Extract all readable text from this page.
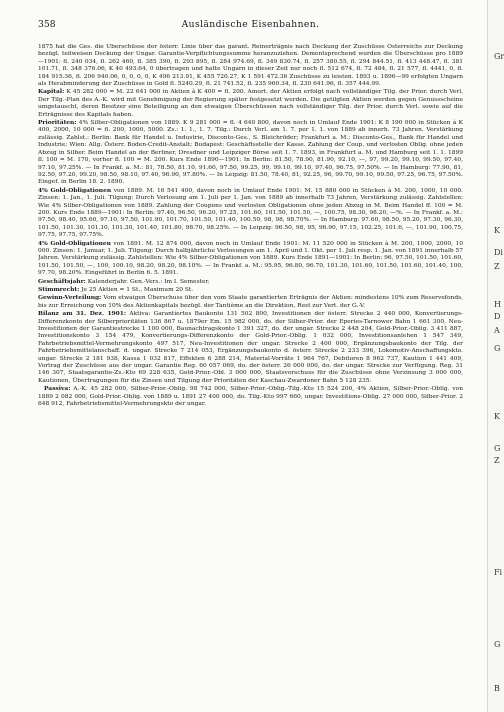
358	Ausländische Eisenbahnen.

1875 hat die Ges. die Überschüsse der österr. Linie über das garant. Reinerträgnis nach Deckung der Zuschüsse Österreichs zur Deckung bezügl. teilweisen Deckung der Ungar. Garantie-Verpflichtungssumme heranzuziehen. Dementsprechend wurden die Überschüsse pro 1889—1901: fl. 240 034, fl. 262 460, fl. 385 390, fl. 293 895, fl. 284 974.69, fl. 349 830.74, fl. 257 380.55, fl. 294 844.51, fl. 413 448.47, fl. 381 101.71, fl. 348 376.06, K 40 493.64, 0 übertragen und hatte Ungarn in dieser Zeit nur noch fl. 512 674, fl. 72 484, fl. 21 577, fl. 4441, 0, fl. 184 915.36, fl. 206 940.06, 0, 0, 0, 0, K 496 213.91, K 455 720.27, K 1 591 472.36 Zuschüsse zu leisten. 1893 u. 1896—99 erfolgten Ungarn als Herabminderung der Zuschüsse in Gold fl. 5240.29, fl. 21 741.52, fl. 235 960.34, fl. 230 641.96, fl. 357 444.99.

Kapital: K 45 282 000 = M. 22 641 000 in Aktien à K 400 = fl. 200. Amort. der Aktien erfolgt nach vollständiger Tilg. der Prior. durch Verl. Der Tilg.-Plan des A.-K. wird mit Genehmigung der Regierung später festgesetzt werden. Die getilgten Aktien werden gegen Genussscheine umgetauscht, deren Besitzer eine Beteiligung an den etwaigen Überschüssen nach vollständiger Tilg. der Prior. durch Verl. sowie auf die Erträgnisse des Kapitals haben.

Prioritäten: 4% Silber-Obligationen von 1889. K 9 281 000 = fl. 4 640 800, davon noch in Umlauf Ende 1901: K 8 190 000 in Stücken à K 400, 2000, 10 000 = fl. 200, 1000, 5000. Zs.: 1. 1., 1. 7. Tilg.: Durch Verl. am 1. 7. per 1. 1. von 1889 ab innerh. 73 Jahren. Verstärkung zulässig. Zahlst.: Berlin: Bank für Handel u. Industrie, Disconto-Ges., S. Bleichröder; Frankfurt a. M.: Disconto-Ges., Bank für Handel und Industrie; Wien: Allg. Österr. Boden-Credit-Anstalt; Budapest: Geschäftsstelle der Kasse. Zahlung der Coup. und verlosten Oblig. ohne jeden Abzug in Silber. Beim Handel an der Berliner, Dresdner und Leipziger Börse seit 1. 7. 1893, in Frankfurt a. M. und Hamburg seit 1. 1. 1899 fl. 100 = M. 170, vorher fl. 100 = M. 200. Kurs Ende 1890—1901: In Berlin: 81.50, 78.90, 81.90, 92.10, —, 97, 99.20, 99.10, 99.50, 97.40, 97.10, 97.25%. — In Frankf. a. M.: 81, 78.50, 81.10, 91.60, 97.50, 99.25, 99, 99.10, 99.10, 97.40, 96.75, 97.50%. — In Hamburg: 77.90, 81, 92.50, 97.20, 99.20, 98.50, 98.10, 97.40, 96.90, 97.80%. — In Leipzig: 81.50, 78.40, 81, 92.25, 96, 99.70, 99.10, 99.50, 97.25, 96.75, 97.50%. Eingef. in Berlin 18. 2. 1890.

4% Gold-Obligationen von 1889. M. 16 541 400, davon noch in Umlauf Ende 1901: M. 15 880 000 in Stücken à M. 200, 1000, 10 000. Zinsen: 1. Jan., 1. Juli. Tilgung: Durch Verlosung am 1. Juli per 1. Jan. von 1889 ab innerhalb 73 Jahren, Verstärkung zulässig. Zahlstellen: Wie 4% Silber-Obligationen von 1889. Zahlung der Coupons und verlosten Obligationen ohne jeden Abzug in M. Beim Handel ff. 100 = M. 200. Kurs Ende 1889—1901: In Berlin: 97.40, 96.50, 96.20, 97.25, 101.60, 101.50, 101.50, —, 100.75, 98.30, 98.20, —%. — In Frankf. a. M.: 97.50, 98.40, 95.60, 97.10, 97.50, 101.90, 101.70, 101.50, 101.40, 100.50, 98, 98, 98.70%. — In Hamburg: 97.60, 98.50, 95.20, 97.30, 96.30, 101.50, 101.30, 101.10, 101.30, 101.40, 101.80, 98.70, 98.25%. — In Leipzig: 96.50, 98, 95, 96.90, 97.15, 102.25, 101.6, —, 101.90, 100.75, 97.75, 97.75, 97.75%.

4% Gold-Obligationen von 1891. M. 12 874 000, davon noch in Umlauf Ende 1901: M. 11 520 000 in Stücken à M. 200, 1000, 2000, 10 000. Zinsen: 1. Januar, 1. Juli. Tilgung: Durch halbjährliche Verlosungen am 1. April und 1. Okt. per 1. Juli resp. 1. Jan. von 1891 innerhalb 57 Jahren. Verstärkung zulässig. Zahlstellen: Wie 4% Silber-Obligationen von 1889. Kurs Ende 1891—1901: In Berlin: 96, 97.50, 101.50, 101.60, 101.50, 101.50, —, 100, 100.10, 98.20, 98.20, 98.10%. — In Frankf. a. M.: 95.95, 96.80, 96.70, 101.30, 101.60, 101.50, 101.60, 101.40, 100, 97.70, 98.20%. Eingeführt in Berlin 6. 5. 1891.

Geschäftsjahr: Kalenderjahr. Gen.-Vers.: Im I. Semester.

Stimmrecht: Je 25 Aktien = 1 St., Maximum 20 St.

Gewinn-Verteilung: Vom etwaigen Überschuss über den vom Staate garantierten Erträgnis der Aktien: mindestens 10% zum Reservefonds, bis zur Erreichung von 10% des Aktienkapitals bezügl. der Tantième an die Direktion, Rest zur Vert. der G.-V.

Bilanz am 31. Dez. 1901: Aktiva: Garantiertes Baukonto 131 502 800, Investitionen der österr. Strecke 2 440 000, Konvertierungs-Differenzkonto der Silberprioritäten 136 867 u. 1879er Em. 15 982 000, do. der Silber-Prior. der Eperies-Tarnower Bahn 1 661 300, Neu-Investitionen der Garantiestrecke 1 100 000, Baunachtragskonto 1 391 327, do. der ungar. Strecke 2 448 204, Gold-Prior.-Oblig. 3 411 887, Investitionskonto 3 154 479, Konvertierungs-Differenzkonto der Gold-Prior.-Oblig. 1 032 000, Investitionsanlehen 1 547 349, Fahrbetriebsmittel-Vermehrungskonto 497 517, Neu-Investitionen der ungar. Strecke 2 400 000, Ergänzungsbaukonto der Tilg. der Fahrbetriebsmittelanschaff. d. ungar. Strecke 7 214 053, Ergänzungsbaukonto d. österr. Strecke 2 233 396, Lokomotiv-Anschaffungskto. ungar. Strecke 2 181 938, Kassa 1 032 817, Effekten 6 288 214, Material-Vorräte 1 964 767, Debitoren 8 962 737, Kaution 1 441 409, Vortrag der Zuschüsse aus der ungar. Garantie Reg. 60 057 069, do. der österr. 26 000 000, do. der ungar. Strecke zur Verfügung. Reg. 31 146 307, Staatsgarantie-Zs.-Kto 69 228 635, Gold-Prior.-Obl. 3 000 000, Staatsvorschuss für die Zuschüsse ohne Verzinsung 3 000 000, Kautionen, Übertragungen für die Zinsen und Tilgung der Prioritäten der Kaschau-Zwardoner Bahn 5 128 235.

Passiva: A.-K. 45 282 000, Silber-Prior.-Oblig. 98 742 000, Silber-Prior.-Oblig.-Tilg.-Kto 15 524 200, 4% Aktien, Silber-Prior.-Oblig. von 1889 2 082 000, Gold-Prior.-Oblig. von 1889 u. 1891 27 400 000, do. Tilg.-Kto 997 660, ungar. Investitions-Oblig. 27 000 000, Silber-Prior. 2 648 912, Fahrbetriebsmittel-Vermehrungskto der ungar.

Gr
K
Di
Z
H
D
A
G
K
G
Z
Fi
G
B
